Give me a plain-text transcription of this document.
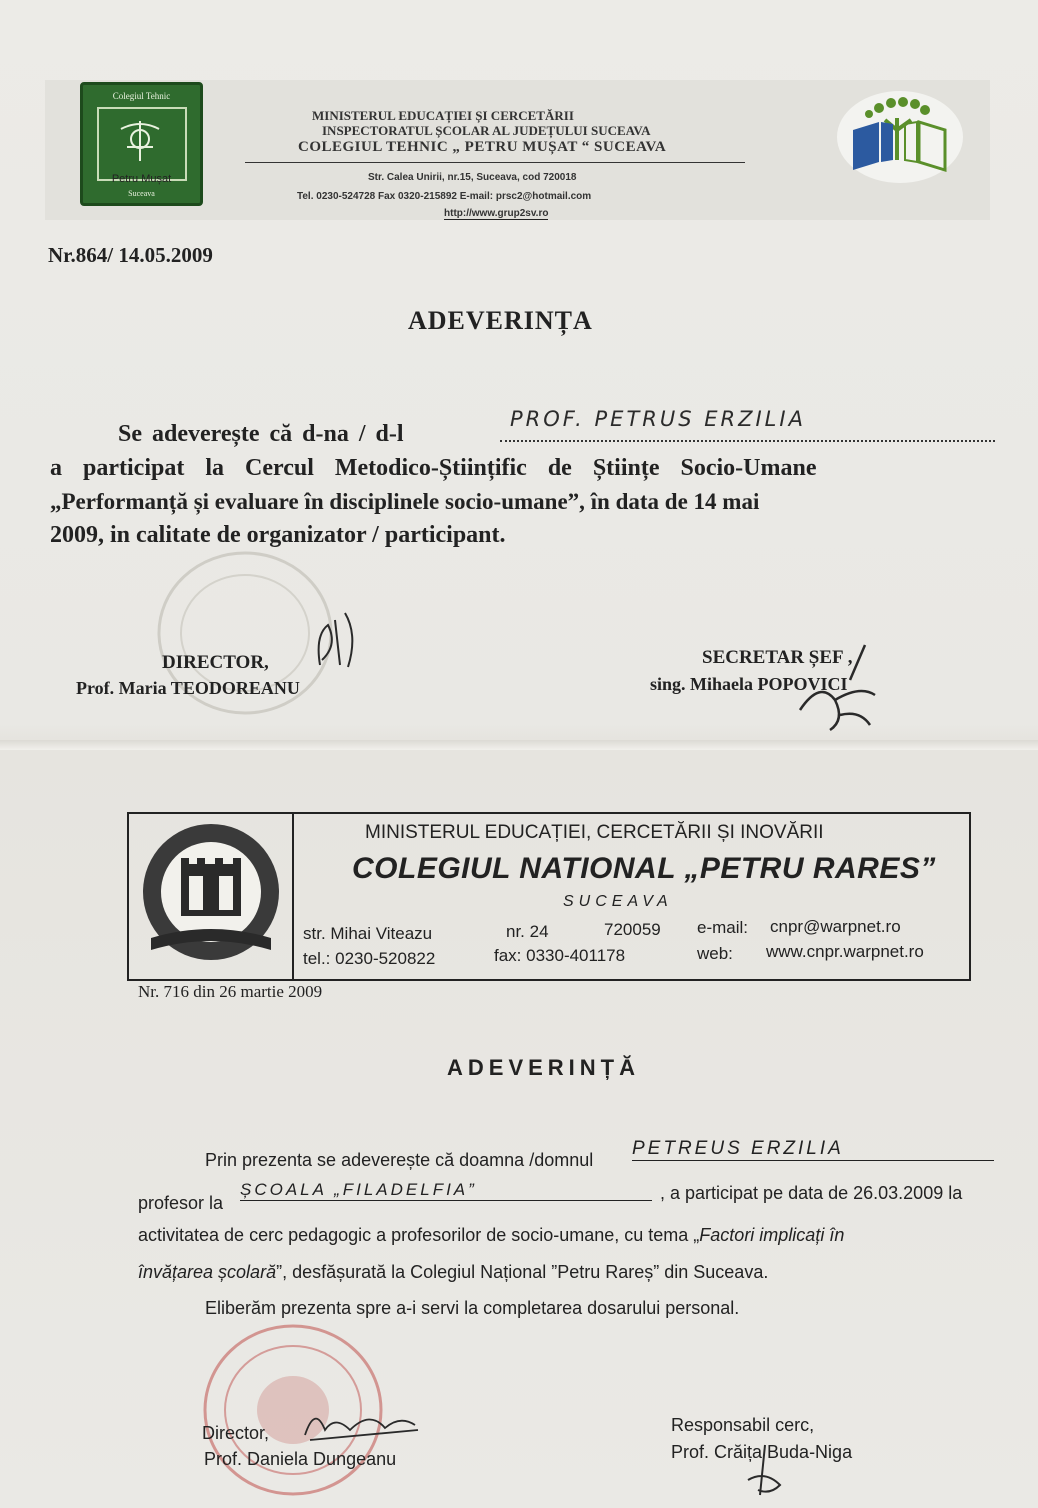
Colegiul Tehnic
Petru Mușat
Suceava
MINISTERUL EDUCAȚIEI ȘI CERCETĂRII
INSPECTORATUL ȘCOLAR AL JUDEȚULUI SUCEAVA
COLEGIUL TEHNIC „ PETRU MUȘAT “ SUCEAVA
Str. Calea Unirii, nr.15, Suceava, cod 720018
Tel. 0230-524728 Fax 0320-215892 E-mail: prsc2@hotmail.com
http://www.grup2sv.ro
Nr.864/ 14.05.2009
ADEVERINȚA
Se adeverește că d-na / d-l
PROF. PETRUS ERZILIA
a participat la Cercul Metodico-Științific de Științe Socio-Umane
„Performanță și evaluare în disciplinele socio-umane”, în data de 14 mai
2009, in calitate de organizator / participant.
DIRECTOR,
Prof. Maria TEODOREANU
SECRETAR ȘEF ,
sing. Mihaela POPOVICI
MINISTERUL EDUCAȚIEI, CERCETĂRII ȘI INOVĂRII
COLEGIUL NATIONAL „PETRU RARES”
SUCEAVA
str. Mihai Viteazu	nr. 24	720059 e-mail: cnpr@warpnet.ro
tel.: 0230-520822	fax: 0330-401178	web: www.cnpr.warpnet.ro
Nr. 716 din 26 martie 2009
ADEVERINȚĂ
Prin prezenta se adeverește că doamna /domnul
PETREUS ERZILIA
profesor la
ȘCOALA „FILADELFIA”	, a participat pe data de 26.03.2009 la
activitatea de cerc pedagogic a profesorilor de socio-umane, cu tema „Factori implicați în
învățarea școlară”, desfășurată la Colegiul Național ”Petru Rareș” din Suceava.
Eliberăm prezenta spre a-i servi la completarea dosarului personal.
Director,
Prof. Daniela Dungeanu
Responsabil cerc,
Prof. Crăița Buda-Niga
